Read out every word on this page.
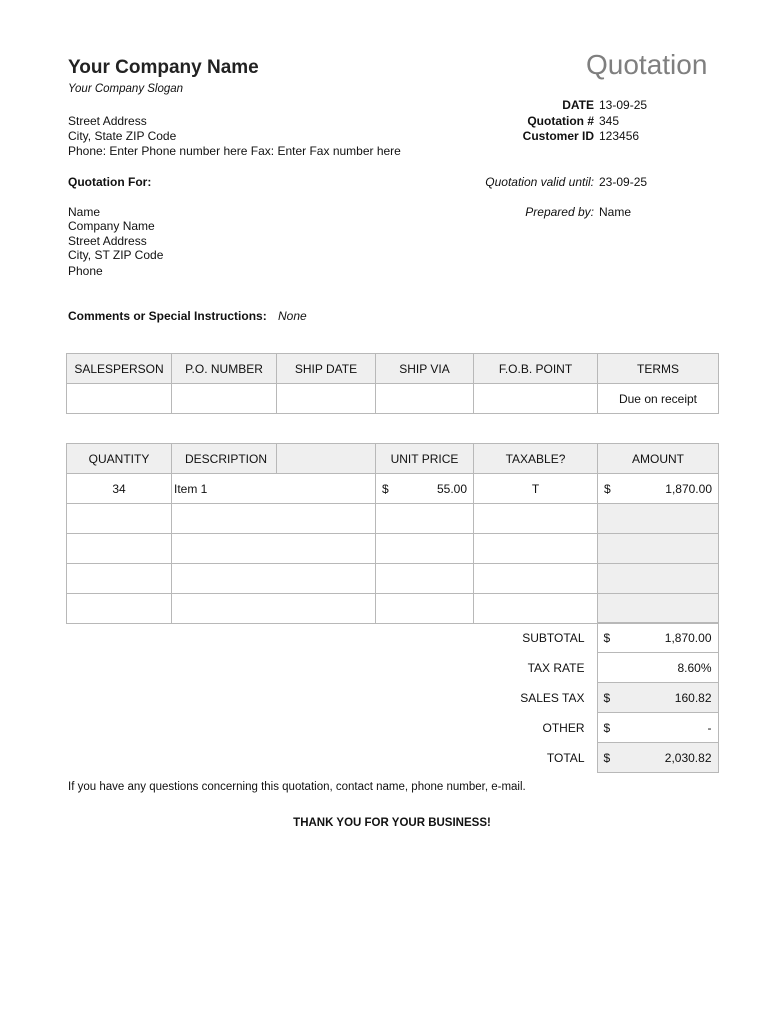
Your Company Name
Your Company Slogan
Quotation
Street Address
City, State ZIP Code
Phone: Enter Phone number here Fax: Enter Fax number here
DATE 13-09-25
Quotation # 345
Customer ID 123456
Quotation valid until: 23-09-25
Prepared by: Name
Quotation For:
Name
Company Name
Street Address
City, ST ZIP Code
Phone
Comments or Special Instructions: None
SALESPERSON	P.O. NUMBER	SHIP DATE	SHIP VIA	F.O.B. POINT	TERMS
					Due on receipt
QUANTITY	DESCRIPTION		UNIT PRICE	TAXABLE?	AMOUNT
34	Item 1		$ 55.00	T	$ 1,870.00

SUBTOTAL	$ 1,870.00

TAX RATE	8.60%
SALES TAX	$ 160.82

OTHER	$ -

TOTAL	$ 2,030.82
If you have any questions concerning this quotation, contact name, phone number, e-mail.
THANK YOU FOR YOUR BUSINESS!
